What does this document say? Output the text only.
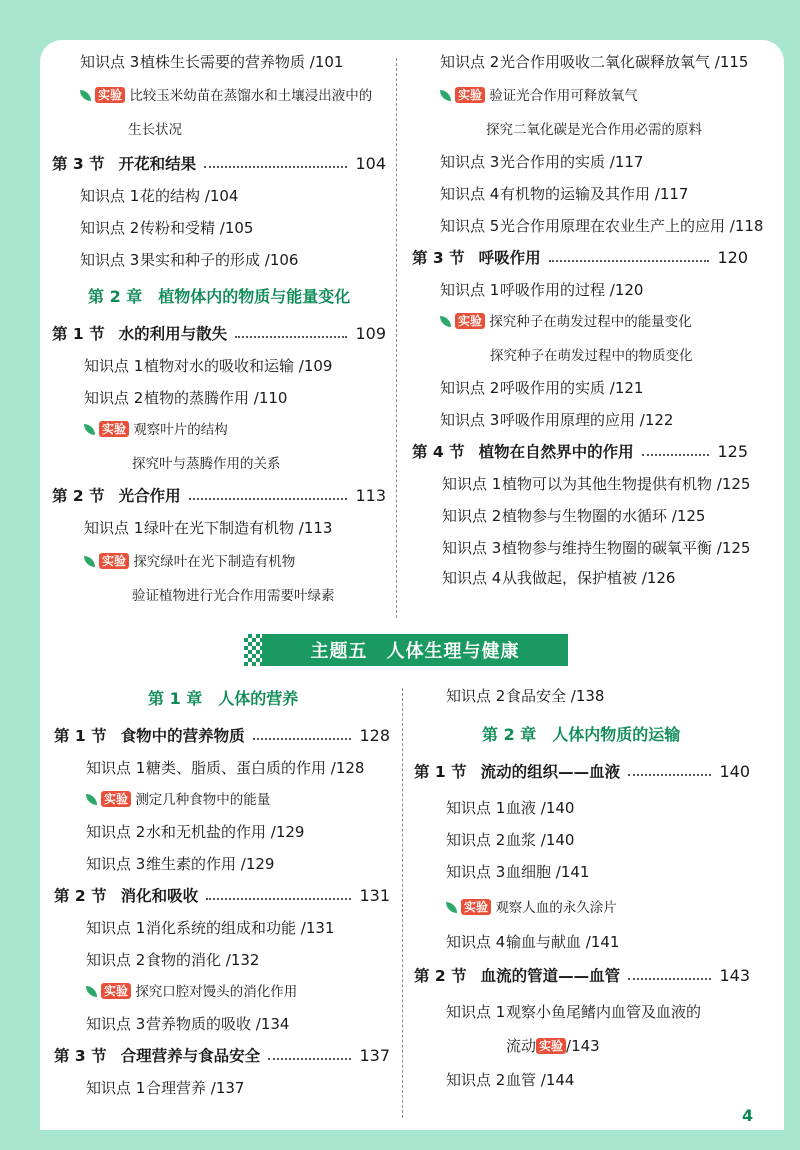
知识点 3植株生长需要的营养物质 /101
实验 比较玉米幼苗在蒸馏水和土壤浸出液中的
生长状况
第 3 节 开花和结果	104
知识点 1花的结构 /104
知识点 2传粉和受精 /105
知识点 3果实和种子的形成 /106
第 2 章　植物体内的物质与能量变化
第 1 节 水的利用与散失	109
知识点 1植物对水的吸收和运输 /109
知识点 2植物的蒸腾作用 /110
实验 观察叶片的结构
探究叶与蒸腾作用的关系
第 2 节 光合作用	113
知识点 1绿叶在光下制造有机物 /113
实验 探究绿叶在光下制造有机物
验证植物进行光合作用需要叶绿素
知识点 2光合作用吸收二氧化碳释放氧气 /115
实验 验证光合作用可释放氧气
探究二氧化碳是光合作用必需的原料
知识点 3光合作用的实质 /117
知识点 4有机物的运输及其作用 /117
知识点 5光合作用原理在农业生产上的应用 /118
第 3 节 呼吸作用	120
知识点 1呼吸作用的过程 /120
实验 探究种子在萌发过程中的能量变化
探究种子在萌发过程中的物质变化
知识点 2呼吸作用的实质 /121
知识点 3呼吸作用原理的应用 /122
第 4 节 植物在自然界中的作用	125
知识点 1植物可以为其他生物提供有机物 /125
知识点 2植物参与生物圈的水循环 /125
知识点 3植物参与维持生物圈的碳氧平衡 /125
知识点 4从我做起，保护植被 /126
主题五　人体生理与健康
第 1 章　人体的营养
第 1 节 食物中的营养物质	128
知识点 1糖类、脂质、蛋白质的作用 /128
实验 测定几种食物中的能量
知识点 2水和无机盐的作用 /129
知识点 3维生素的作用 /129
第 2 节 消化和吸收	131
知识点 1消化系统的组成和功能 /131
知识点 2食物的消化 /132
实验 探究口腔对馒头的消化作用
知识点 3营养物质的吸收 /134
第 3 节 合理营养与食品安全	137
知识点 1合理营养 /137
知识点 2食品安全 /138
第 2 章　人体内物质的运输
第 1 节 流动的组织——血液	140
知识点 1血液 /140
知识点 2血浆 /140
知识点 3血细胞 /141
实验 观察人血的永久涂片
知识点 4输血与献血 /141
第 2 节 血流的管道——血管	143
知识点 1观察小鱼尾鳍内血管及血液的
流动 实验 /143
知识点 2血管 /144
4
